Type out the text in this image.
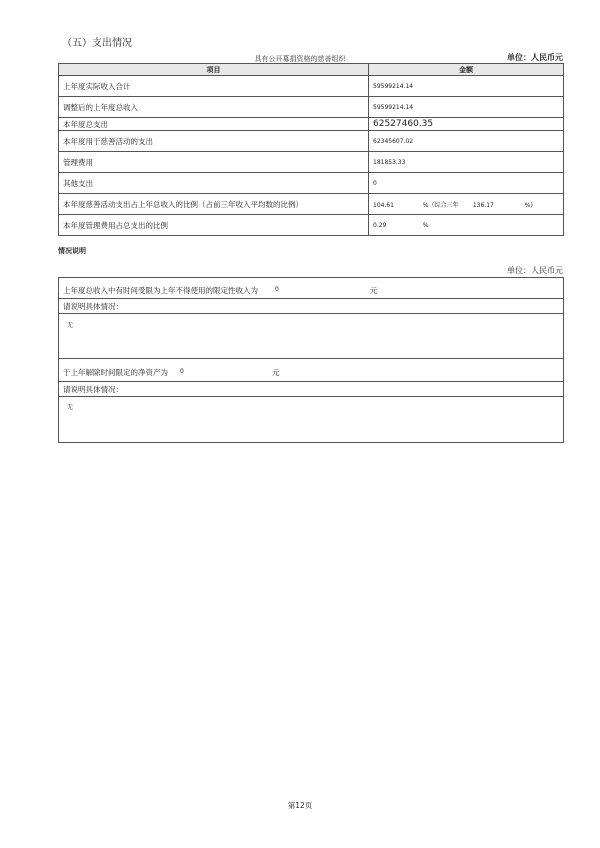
（五）支出情况
具有公开募捐资格的慈善组织	单位：人民币元
项目	金额
上年度实际收入合计	59599214.14
调整后的上年度总收入	59599214.14
本年度总支出	62527460.35
本年度用于慈善活动的支出	62345607.02
管理费用	181853.33
其他支出	0
本年度慈善活动支出占上年总收入的比例（占前三年收入平均数的比例）	104.61 %（综合三年 136.17 %)
本年度管理费用占总支出的比例	0.29 %
情况说明
单位：人民币元
上年度总收入中有时间受限为上年不得使用的限定性收入为	0	元
请说明具体情况：
无
于上年解除时间限定的净资产为 0	元
请说明具体情况：
无
第12页
